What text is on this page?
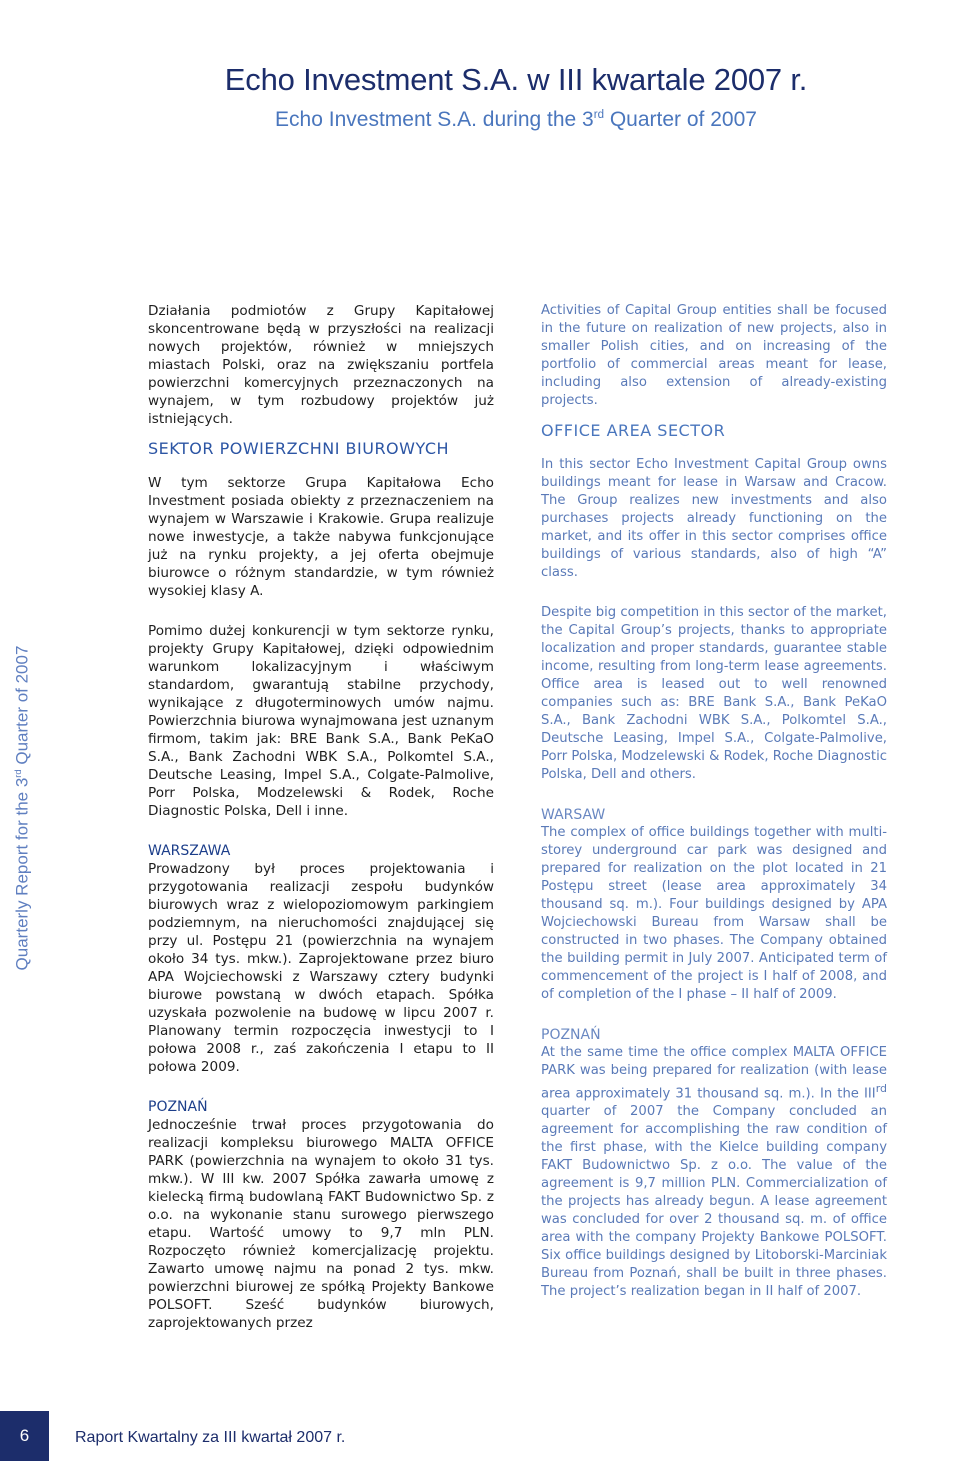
Echo Investment S.A. w III kwartale 2007 r.
Echo Investment S.A. during the 3rd Quarter of 2007
Quarterly Report for the 3rd Quarter of 2007

Działania podmiotów z Grupy Kapitałowej skoncentrowane będą w przyszłości na realizacji nowych projektów, również w mniejszych miastach Polski, oraz na zwiększaniu portfela powierzchni komercyjnych przeznaczonych na wynajem, w tym rozbudowy projektów już istniejących.

SEKTOR POWIERZCHNI BIUROWYCH

W tym sektorze Grupa Kapitałowa Echo Investment posiada obiekty z przeznaczeniem na wynajem w Warszawie i Krakowie. Grupa realizuje nowe inwestycje, a także nabywa funkcjonujące już na rynku projekty, a jej oferta obejmuje biurowce o różnym standardzie, w tym również wysokiej klasy A.

Pomimo dużej konkurencji w tym sektorze rynku, projekty Grupy Kapitałowej, dzięki odpowiednim warunkom lokalizacyjnym i właściwym standardom, gwarantują stabilne przychody, wynikające z długoterminowych umów najmu. Powierzchnia biurowa wynajmowana jest uznanym firmom, takim jak: BRE Bank S.A., Bank PeKaO S.A., Bank Zachodni WBK S.A., Polkomtel S.A., Deutsche Leasing, Impel S.A., Colgate-Palmolive, Porr Polska, Modzelewski & Rodek, Roche Diagnostic Polska, Dell i inne.

WARSZAWA

Prowadzony był proces projektowania i przygotowania realizacji zespołu budynków biurowych wraz z wielopoziomowym parkingiem podziemnym, na nieruchomości znajdującej się przy ul. Postępu 21 (powierzchnia na wynajem około 34 tys. mkw.). Zaprojektowane przez biuro APA Wojciechowski z Warszawy cztery budynki biurowe powstaną w dwóch etapach. Spółka uzyskała pozwolenie na budowę w lipcu 2007 r. Planowany termin rozpoczęcia inwestycji to I połowa 2008 r., zaś zakończenia I etapu to II połowa 2009.

POZNAŃ

Jednocześnie trwał proces przygotowania do realizacji kompleksu biurowego MALTA OFFICE PARK (powierzchnia na wynajem to około 31 tys. mkw.). W III kw. 2007 Spółka zawarła umowę z kielecką firmą budowlaną FAKT Budownictwo Sp. z o.o. na wykonanie stanu surowego pierwszego etapu. Wartość umowy to 9,7 mln PLN. Rozpoczęto również komercjalizację projektu. Zawarto umowę najmu na ponad 2 tys. mkw. powierzchni biurowej ze spółką Projekty Bankowe POLSOFT. Sześć budynków biurowych, zaprojektowanych przez

Activities of Capital Group entities shall be focused in the future on realization of new projects, also in smaller Polish cities, and on increasing of the portfolio of commercial areas meant for lease, including also extension of already-existing projects.

OFFICE AREA SECTOR

In this sector Echo Investment Capital Group owns buildings meant for lease in Warsaw and Cracow. The Group realizes new investments and also purchases projects already functioning on the market, and its offer in this sector comprises office buildings of various standards, also of high “A” class.

Despite big competition in this sector of the market, the Capital Group’s projects, thanks to appropriate localization and proper standards, guarantee stable income, resulting from long-term lease agreements. Office area is leased out to well renowned companies such as: BRE Bank S.A., Bank PeKaO S.A., Bank Zachodni WBK S.A., Polkomtel S.A., Deutsche Leasing, Impel S.A., Colgate-Palmolive, Porr Polska, Modzelewski & Rodek, Roche Diagnostic Polska, Dell and others.

WARSAW

The complex of office buildings together with multi-storey underground car park was designed and prepared for realization on the plot located in 21 Postępu street (lease area approximately 34 thousand sq. m.). Four buildings designed by APA Wojciechowski Bureau from Warsaw shall be constructed in two phases. The Company obtained the building permit in July 2007. Anticipated term of commencement of the project is I half of 2008, and of completion of the I phase – II half of 2009.

POZNAŃ

At the same time the office complex MALTA OFFICE PARK was being prepared for realization (with lease area approximately 31 thousand sq. m.). In the IIIrd quarter of 2007 the Company concluded an agreement for accomplishing the raw condition of the first phase, with the Kielce building company FAKT Budownictwo Sp. z o.o. The value of the agreement is 9,7 million PLN. Commercialization of the projects has already begun. A lease agreement was concluded for over 2 thousand sq. m. of office area with the company Projekty Bankowe POLSOFT. Six office buildings designed by Litoborski-Marciniak Bureau from Poznań, shall be built in three phases. The project’s realization began in II half of 2007.

6	Raport Kwartalny za III kwartał 2007 r.
